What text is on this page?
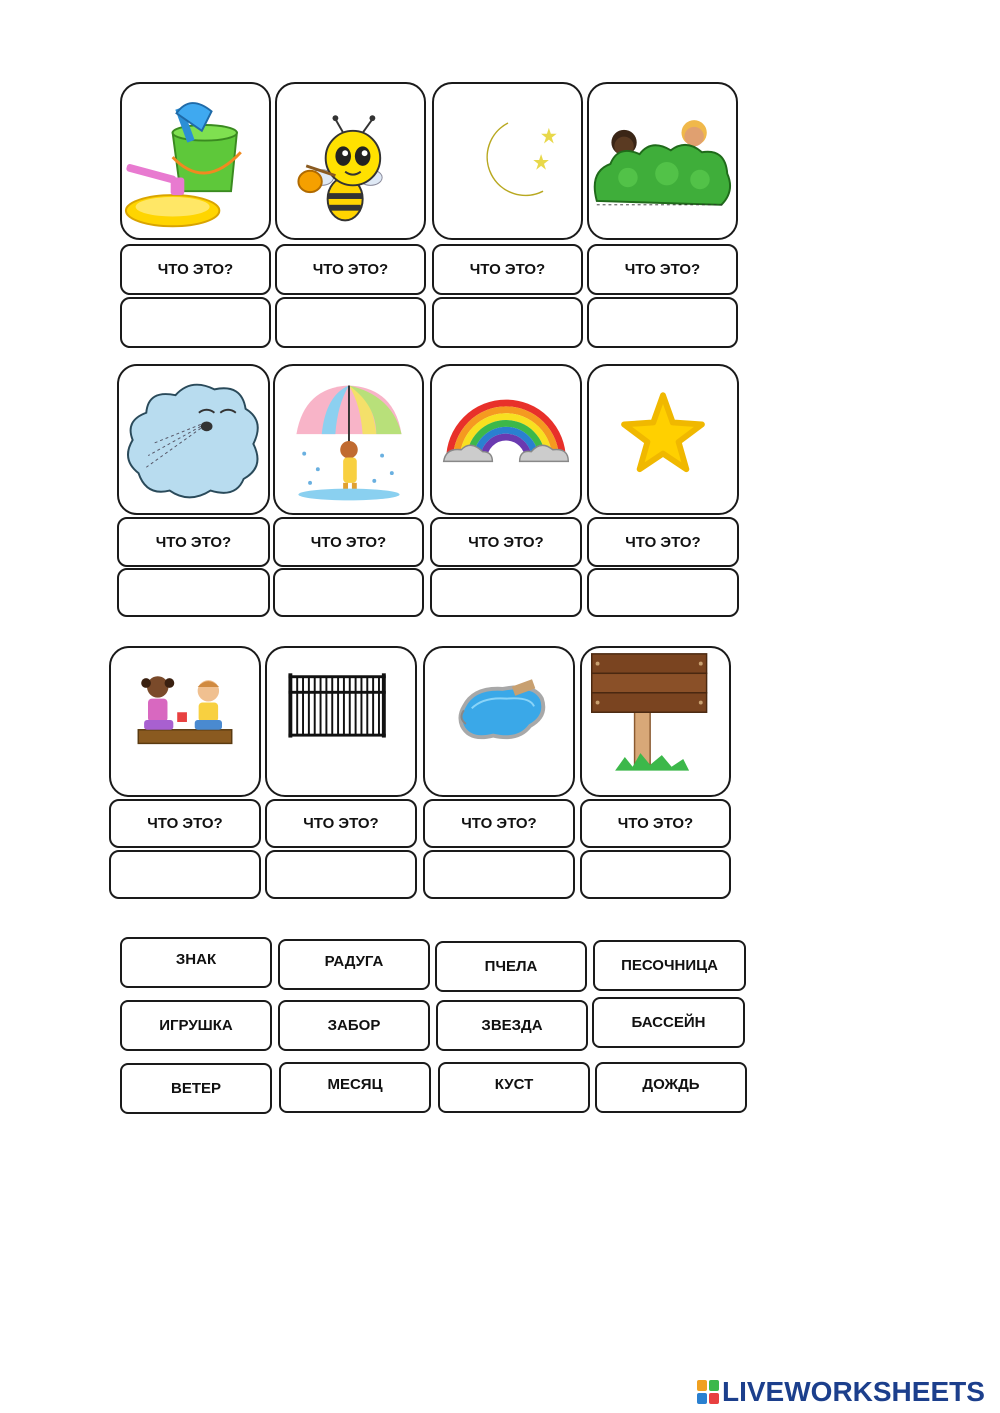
ЧТО ЭТО?	ЧТО ЭТО?	ЧТО ЭТО?	ЧТО ЭТО?
ЧТО ЭТО?	ЧТО ЭТО?	ЧТО ЭТО?	ЧТО ЭТО?
ЧТО ЭТО?	ЧТО ЭТО?	ЧТО ЭТО?	ЧТО ЭТО?
ЗНАК	РАДУГА	ПЧЕЛА	ПЕСОЧНИЦА
ИГРУШКА	ЗАБОР	ЗВЕЗДА	БАССЕЙН
ВЕТЕР	МЕСЯЦ	КУСТ	ДОЖДЬ
LIVEWORKSHEETS
